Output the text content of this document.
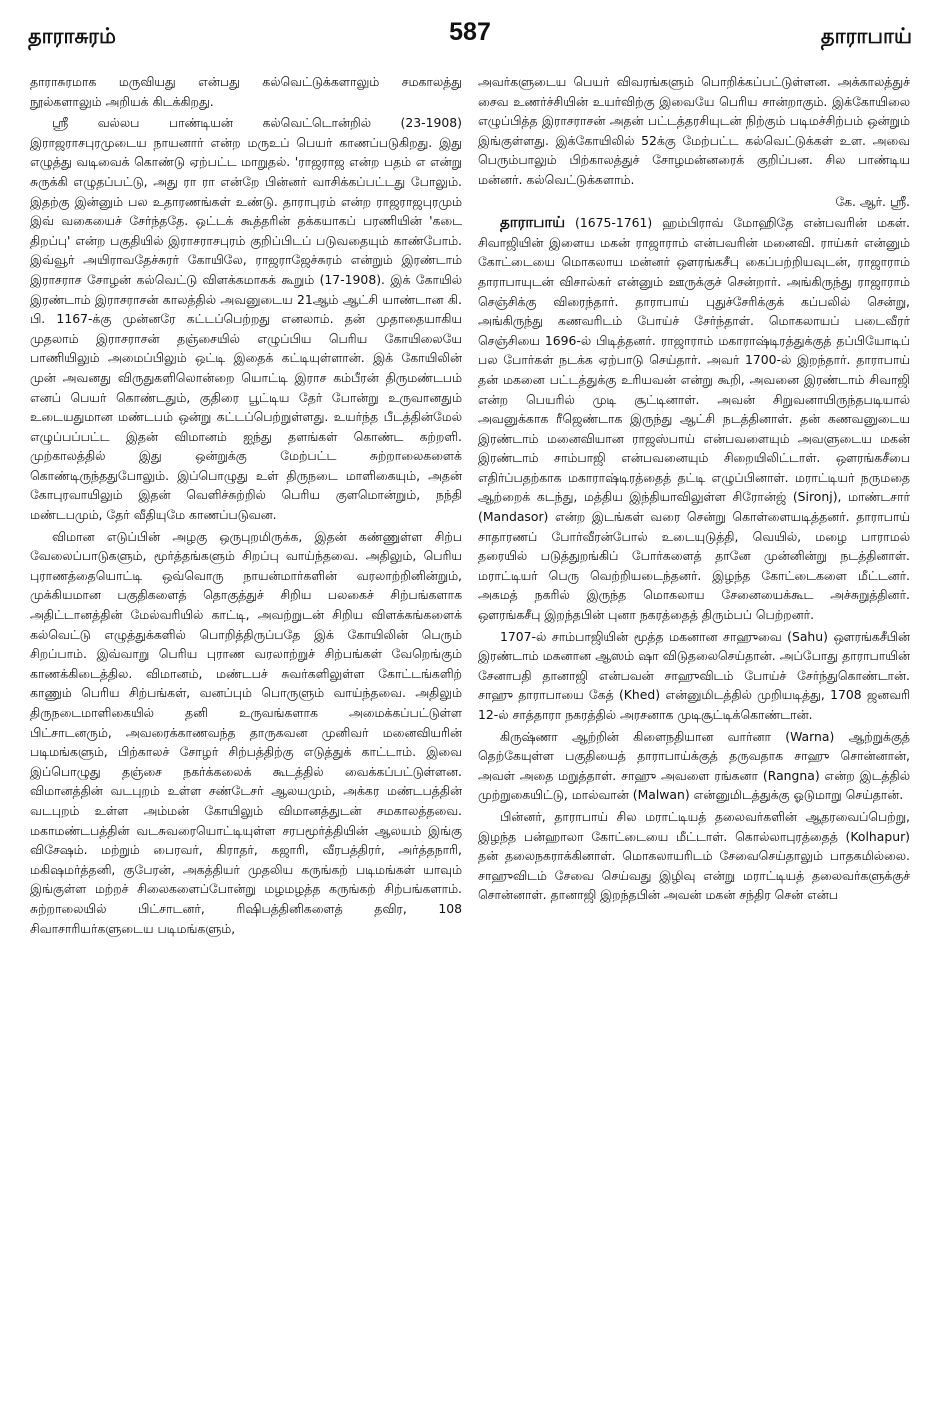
தாராசுரம்	587	தாராபாய்

தாராசுரமாக மருவியது என்பது கல்வெட்டுக்களாலும் சமகாலத்து நூல்களாலும் அறியக் கிடக்கிறது.

ஸ்ரீ வல்லப பாண்டியன் கல்வெட்டொன்றில் (23-1908) இராஜராசபுரமுடைய நாயனார் என்ற மருஉப் பெயர் காணப்படுகிறது. இது எழுத்து வடிவைக் கொண்டு ஏற்பட்ட மாறுதல். 'ராஜராஜ என்ற பதம் எ என்று சுருக்கி எழுதப்பட்டு, அது ரா ரா என்றே பின்னர் வாசிக்கப்பட்டது போலும். இதற்கு இன்னும் பல உதாரணங்கள் உண்டு. தாராபுரம் என்ற ராஜராஜபுரமும் இவ் வகையைச் சேர்ந்ததே. ஒட்டக் கூத்தரின் தக்கயாகப் பரணியின் 'கடை திறப்பு' என்ற பகுதியில் இராசராசபுரம் குறிப்பிடப் படுவதையும் காண்போம். இவ்வூர் அயிராவதேச்சுரர் கோயிலே, ராஜராஜேச்சுரம் என்றும் இரண்டாம் இராசராச சோழன் கல்வெட்டு விளக்கமாகக் கூறும் (17-1908). இக் கோயில் இரண்டாம் இராசராசன் காலத்தில் அவனுடைய 21ஆம் ஆட்சி யாண்டான கி. பி. 1167-க்கு முன்னரே கட்டப்பெற்றது எனலாம். தன் முதாதையாகிய முதலாம் இராசராசன் தஞ்சையில் எழுப்பிய பெரிய கோயிலையே பாணியிலும் அமைப்பிலும் ஒட்டி இதைக் கட்டியுள்ளான். இக் கோயிலின் முன் அவனது விருதுகளிலொன்றை யொட்டி இராச கம்பீரன் திருமண்டபம் எனப் பெயர் கொண்டதும், குதிரை பூட்டிய தேர் போன்று உருவானதும் உடையதுமான மண்டபம் ஒன்று கட்டப்பெற்றுள்ளது. உயர்ந்த பீடத்தின்மேல் எழுப்பப்பட்ட இதன் விமானம் ஐந்து தளங்கள் கொண்ட கற்றளி. முற்காலத்தில் இது ஒன்றுக்கு மேற்பட்ட சுற்றாலைகளைக் கொண்டிருந்ததுபோலும். இப்பொழுது உள் திருநடை மாளிகையும், அதன் கோபுரவாயிலும் இதன் வெளிச்சுற்றில் பெரிய குளமொன்றும், நந்தி மண்டபமும், தேர் வீதியுமே காணப்படுவன.

விமான எடுப்பின் அழகு ஒருபுறமிருக்க, இதன் கண்ணுள்ள சிற்ப வேலைப்பாடுகளும், மூர்த்தங்களும் சிறப்பு வாய்ந்தவை. அதிலும், பெரிய புராணத்தையொட்டி ஒவ்வொரு நாயன்மார்களின் வரலாற்றினின்றும், முக்கியமான பகுதிகளைத் தொகுத்துச் சிறிய பலகைச் சிற்பங்களாக அதிட்டானத்தின் மேல்வரியில் காட்டி, அவற்றுடன் சிறிய விளக்கங்களைக் கல்வெட்டு எழுத்துக்களில் பொறித்திருப்பதே இக் கோயிலின் பெரும் சிறப்பாம். இவ்வாறு பெரிய புராண வரலாற்றுச் சிற்பங்கள் வேறெங்கும் காணக்கிடைத்தில. விமானம், மண்டபச் சுவர்களிலுள்ள கோட்டங்களிற் காணும் பெரிய சிற்பங்கள், வனப்பும் பொருளும் வாய்ந்தவை. அதிலும் திருநடைமாளிகையில் தனி உருவங்களாக அமைக்கப்பட்டுள்ள பிட்சாடனரும், அவரைக்காணவந்த தாருகவன முனிவர் மனைவியரின் படிமங்களும், பிற்காலச் சோழர் சிற்பத்திற்கு எடுத்துக் காட்டாம். இவை இப்பொழுது தஞ்சை நகர்க்கலைக் கூடத்தில் வைக்கப்பட்டுள்ளன. விமானத்தின் வடபுறம் உள்ள சண்டேசர் ஆலயமும், அக்கர மண்டபத்தின் வடபுறம் உள்ள அம்மன் கோயிலும் விமானத்துடன் சமகாலத்தவை. மகாமண்டபத்தின் வடசுவரையொட்டியுள்ள சரபமூர்த்தியின் ஆலயம் இங்கு விசேஷம். மற்றும் பைரவர், கிராதர், கஜாரி, வீரபத்திரர், அர்த்தநாரி, மகிஷமர்த்தனி, குபேரன், அகத்தியர் முதலிய கருங்கற் படிமங்கள் யாவும் இங்குள்ள மற்றச் சிலைகளைப்போன்று மழமழத்த கருங்கற் சிற்பங்களாம். சுற்றாலையில் பிட்சாடனர், ரிஷிபத்தினிகளைத் தவிர, 108 சிவாசாரியர்களுடைய படிமங்களும்,

அவர்களுடைய பெயர் விவரங்களும் பொறிக்கப்பட்டுள்ளன. அக்காலத்துச் சைவ உணர்ச்சியின் உயர்விற்கு இவையே பெரிய சான்றாகும். இக்கோயிலை எழுப்பித்த இராசராசன் அதன் பட்டத்தரசியுடன் நிற்கும் படிமச்சிற்பம் ஒன்றும் இங்குள்ளது. இக்கோயிலில் 52க்கு மேற்பட்ட கல்வெட்டுக்கள் உள. அவை பெரும்பாலும் பிற்காலத்துச் சோழமன்னரைக் குறிப்பன. சில பாண்டிய மன்னர். கல்வெட்டுக்களாம்.

கே. ஆர். ஸ்ரீ.

தாராபாய் (1675-1761) ஹம்பிராவ் மோஹிதே என்பவரின் மகள். சிவாஜியின் இளைய மகன் ராஜாராம் என்பவரின் மனைவி. ராய்கர் என்னும் கோட்டையை மொகலாய மன்னர் ஔரங்கசீபு கைப்பற்றியவுடன், ராஜாராம் தாராபாயுடன் விசால்கர் என்னும் ஊருக்குச் சென்றார். அங்கிருந்து ராஜாராம் செஞ்சிக்கு விரைந்தார். தாராபாய் புதுச்சேரிக்குக் கப்பலில் சென்று, அங்கிருந்து கணவரிடம் போய்ச் சேர்ந்தாள். மொகலாயப் படைவீரர் செஞ்சியை 1696-ல் பிடித்தனர். ராஜாராம் மகாராஷ்டிரத்துக்குத் தப்பியோடிப் பல போர்கள் நடக்க ஏற்பாடு செய்தார். அவர் 1700-ல் இறந்தார். தாராபாய் தன் மகனை பட்டத்துக்கு உரியவன் என்று கூறி, அவனை இரண்டாம் சிவாஜி என்ற பெயரில் முடி சூட்டினாள். அவன் சிறுவனாயிருந்தபடியால் அவனுக்காக ரீஜெண்டாக இருந்து ஆட்சி நடத்தினாள். தன் கணவனுடைய இரண்டாம் மனைவியான ராஜஸ்பாய் என்பவளையும் அவளுடைய மகன் இரண்டாம் சாம்பாஜி என்பவனையும் சிறையிலிட்டாள். ஔரங்கசீபை எதிர்ப்பதற்காக மகாராஷ்டிரத்தைத் தட்டி எழுப்பினாள். மராட்டியர் நருமதை ஆற்றைக் கடந்து, மத்திய இந்தியாவிலுள்ள சிரோன்ஜ் (Sironj), மாண்டசார் (Mandasor) என்ற இடங்கள் வரை சென்று கொள்ளையடித்தனர். தாராபாய் சாதாரணப் போர்வீரன்போல் உடையுடுத்தி, வெயில், மழை பாராமல் தரையில் படுத்துறங்கிப் போர்களைத் தானே முன்னின்று நடத்தினாள். மராட்டியர் பெரு வெற்றியடைந்தனர். இழந்த கோட்டைகளை மீட்டனர். அகமத் நகரில் இருந்த மொகலாய சேனையைக்கூட அச்சுறுத்தினர். ஔரங்கசீபு இறந்தபின் புனா நகரத்தைத் திரும்பப் பெற்றனர்.

1707-ல் சாம்பாஜியின் மூத்த மகனான சாஹுவை (Sahu) ஔரங்கசீபின் இரண்டாம் மகனான ஆஸம் ஷா விடுதலைசெய்தான். அப்போது தாராபாயின் சேனாபதி தானாஜி என்பவன் சாஹுவிடம் போய்ச் சேர்ந்துகொண்டான். சாஹு தாராபாயை கேத் (Khed) என்னுமிடத்தில் முறியடித்து, 1708 ஜனவரி 12-ல் சாத்தாரா நகரத்தில் அரசனாக முடிசூட்டிக்கொண்டான்.

கிருஷ்ணா ஆற்றின் கிளைநதியான வார்னா (Warna) ஆற்றுக்குத் தெற்கேயுள்ள பகுதியைத் தாராபாய்க்குத் தருவதாக சாஹு சொன்னான், அவள் அதை மறுத்தாள். சாஹு அவளை ரங்கனா (Rangna) என்ற இடத்தில் முற்றுகையிட்டு, மால்வான் (Malwan) என்னுமிடத்துக்கு ஓடுமாறு செய்தான்.

பின்னர், தாராபாய் சில மராட்டியத் தலைவர்களின் ஆதரவைப்பெற்று, இழந்த பன்ஹாலா கோட்டையை மீட்டாள். கொல்லாபுரத்தைத் (Kolhapur) தன் தலைநகராக்கினாள். மொகலாயரிடம் சேவைசெய்தாலும் பாதகமில்லை. சாஹுவிடம் சேவை செய்வது இழிவு என்று மராட்டியத் தலைவர்களுக்குச் சொன்னாள். தானாஜி இறந்தபின் அவன் மகன் சந்திர சென் என்ப
